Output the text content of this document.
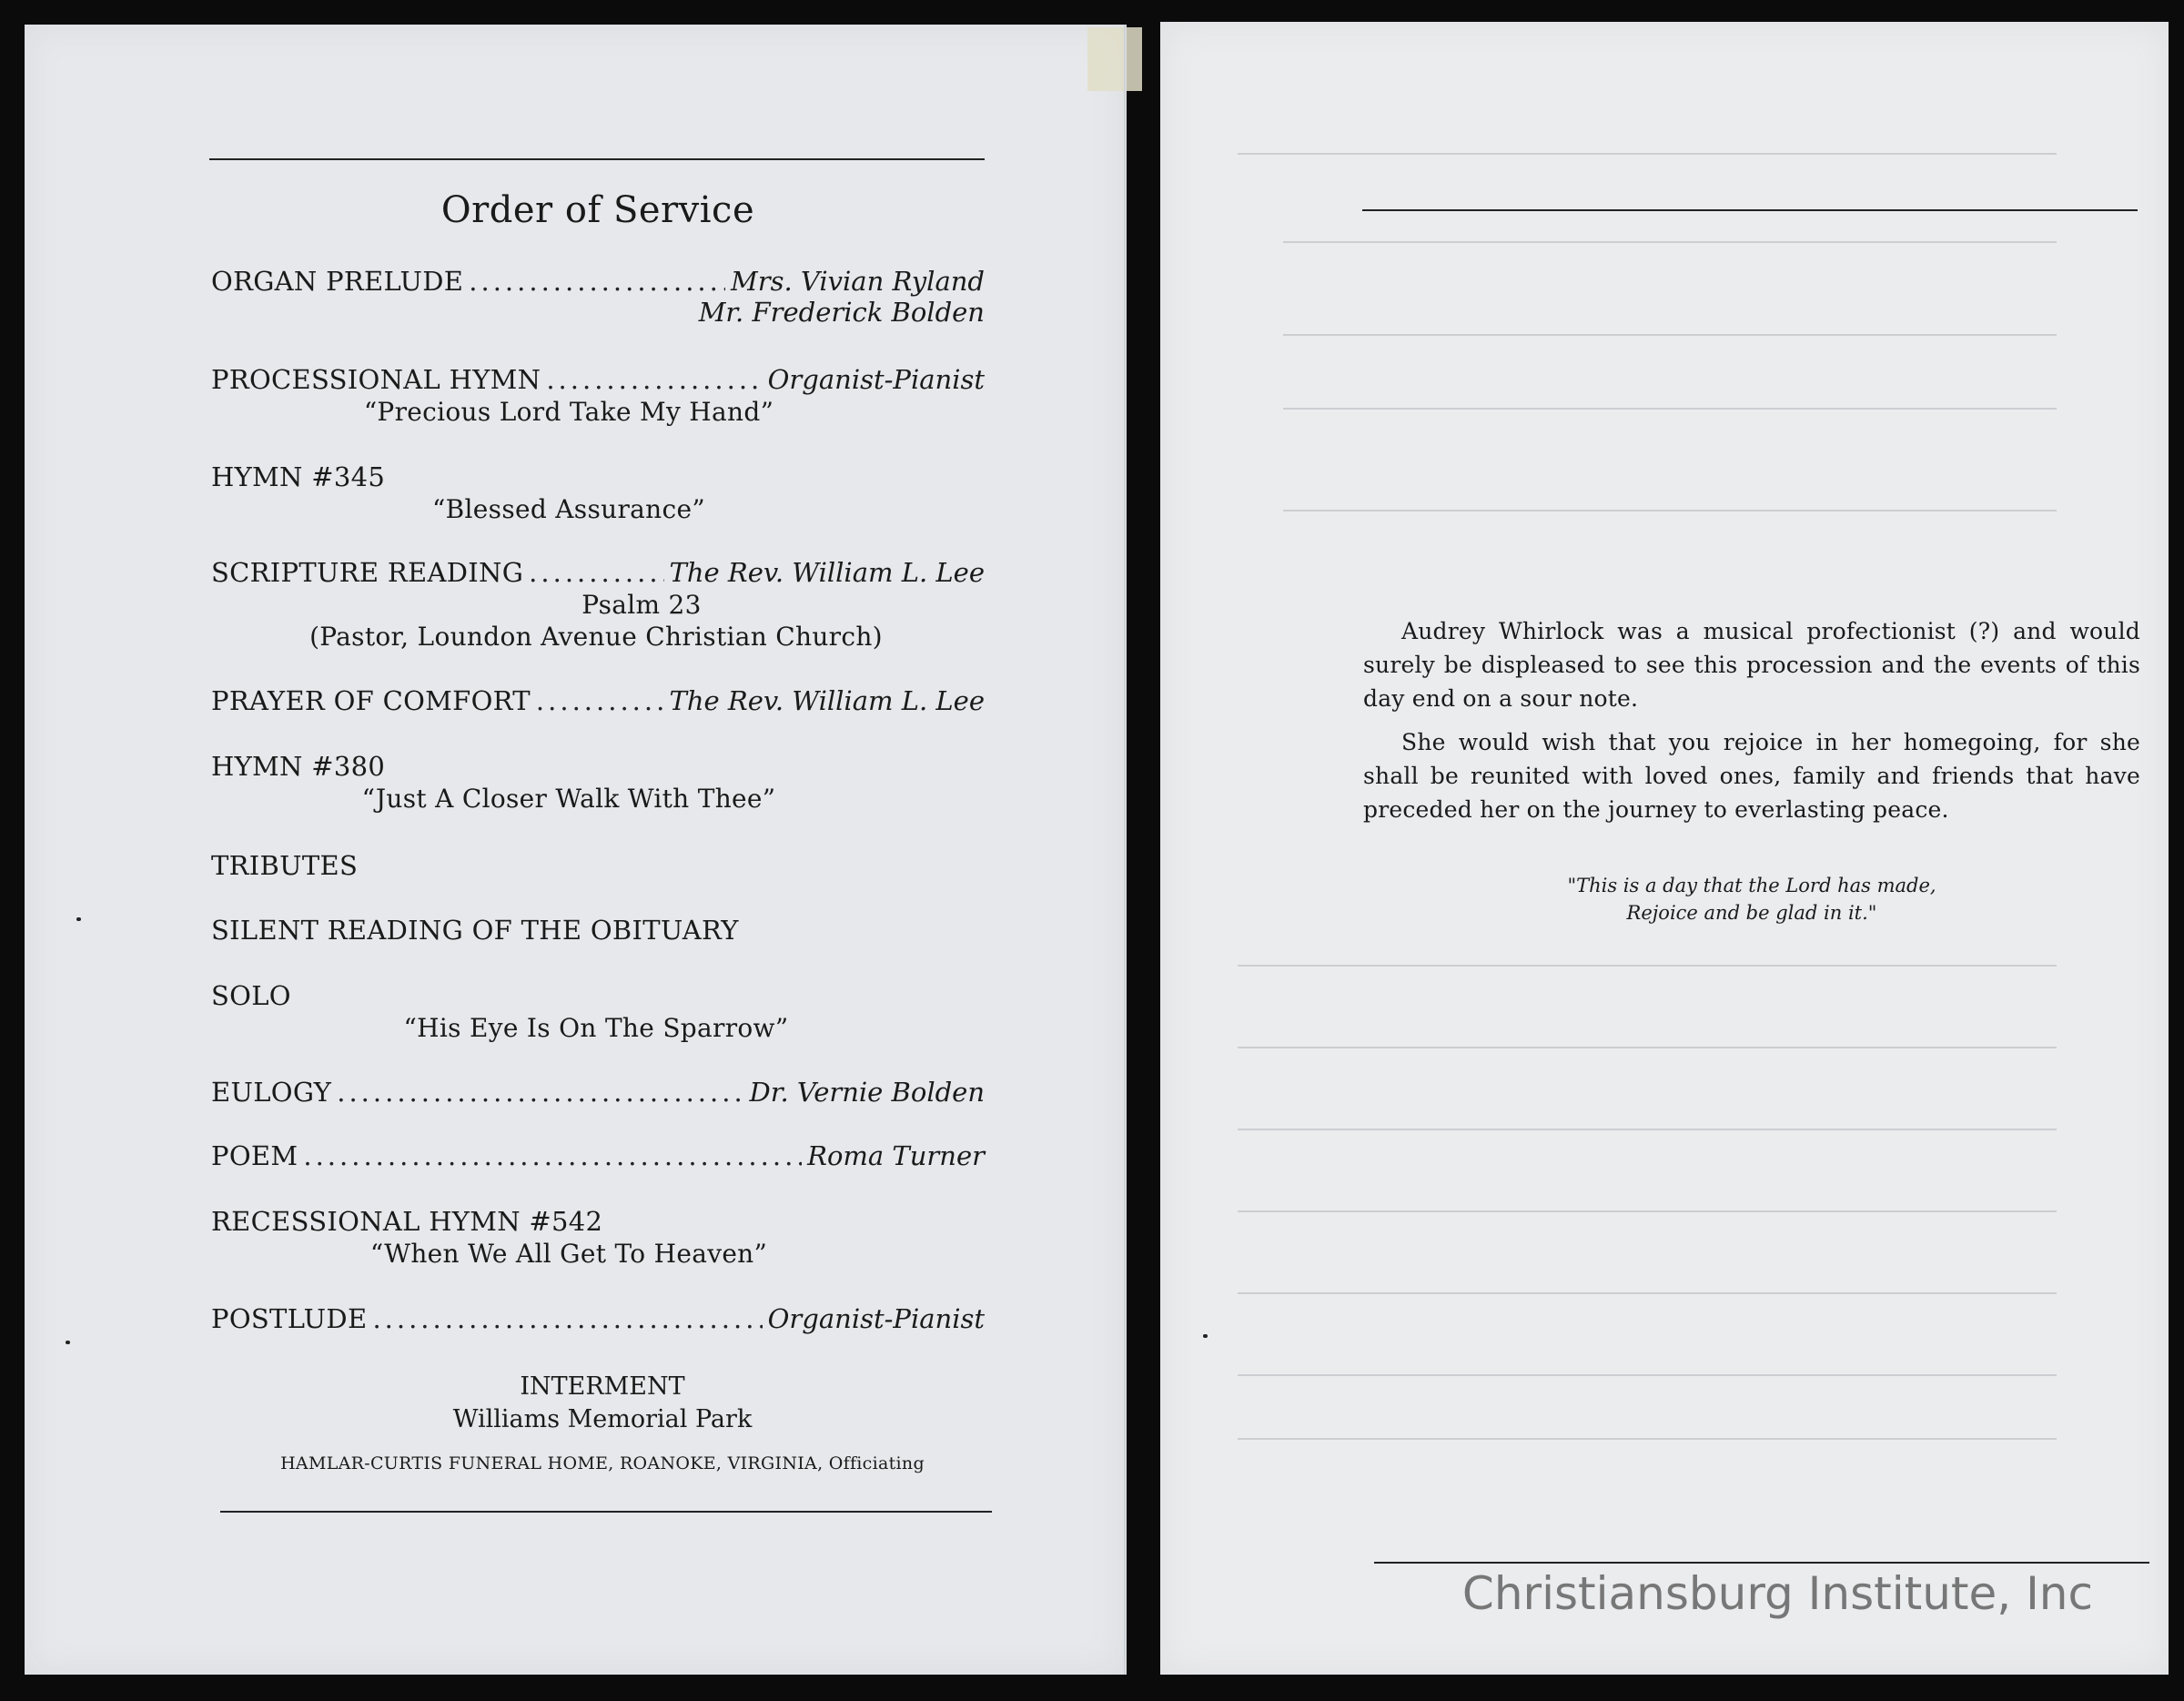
Order of Service
ORGAN PRELUDE .....	Mrs. Vivian Ryland
Mr. Frederick Bolden
PROCESSIONAL HYMN .....	Organist-Pianist
“Precious Lord Take My Hand”
HYMN #345
“Blessed Assurance”
SCRIPTURE READING .....	The Rev. William L. Lee
Psalm 23
(Pastor, Loundon Avenue Christian Church)
PRAYER OF COMFORT .....	The Rev. William L. Lee
HYMN #380
“Just A Closer Walk With Thee”
TRIBUTES
SILENT READING OF THE OBITUARY
SOLO
“His Eye Is On The Sparrow”
EULOGY .....	Dr. Vernie Bolden
POEM .....	Roma Turner
RECESSIONAL HYMN #542
“When We All Get To Heaven”
POSTLUDE .....	Organist-Pianist
INTERMENT
Williams Memorial Park
HAMLAR-CURTIS FUNERAL HOME, ROANOKE, VIRGINIA, Officiating
Audrey Whirlock was a musical profectionist (?) and would surely be displeased to see this procession and the events of this day end on a sour note.
She would wish that you rejoice in her homegoing, for she shall be reunited with loved ones, family and friends that have preceded her on the journey to everlasting peace.
"This is a day that the Lord has made,
Rejoice and be glad in it."
Christiansburg Institute, Inc
